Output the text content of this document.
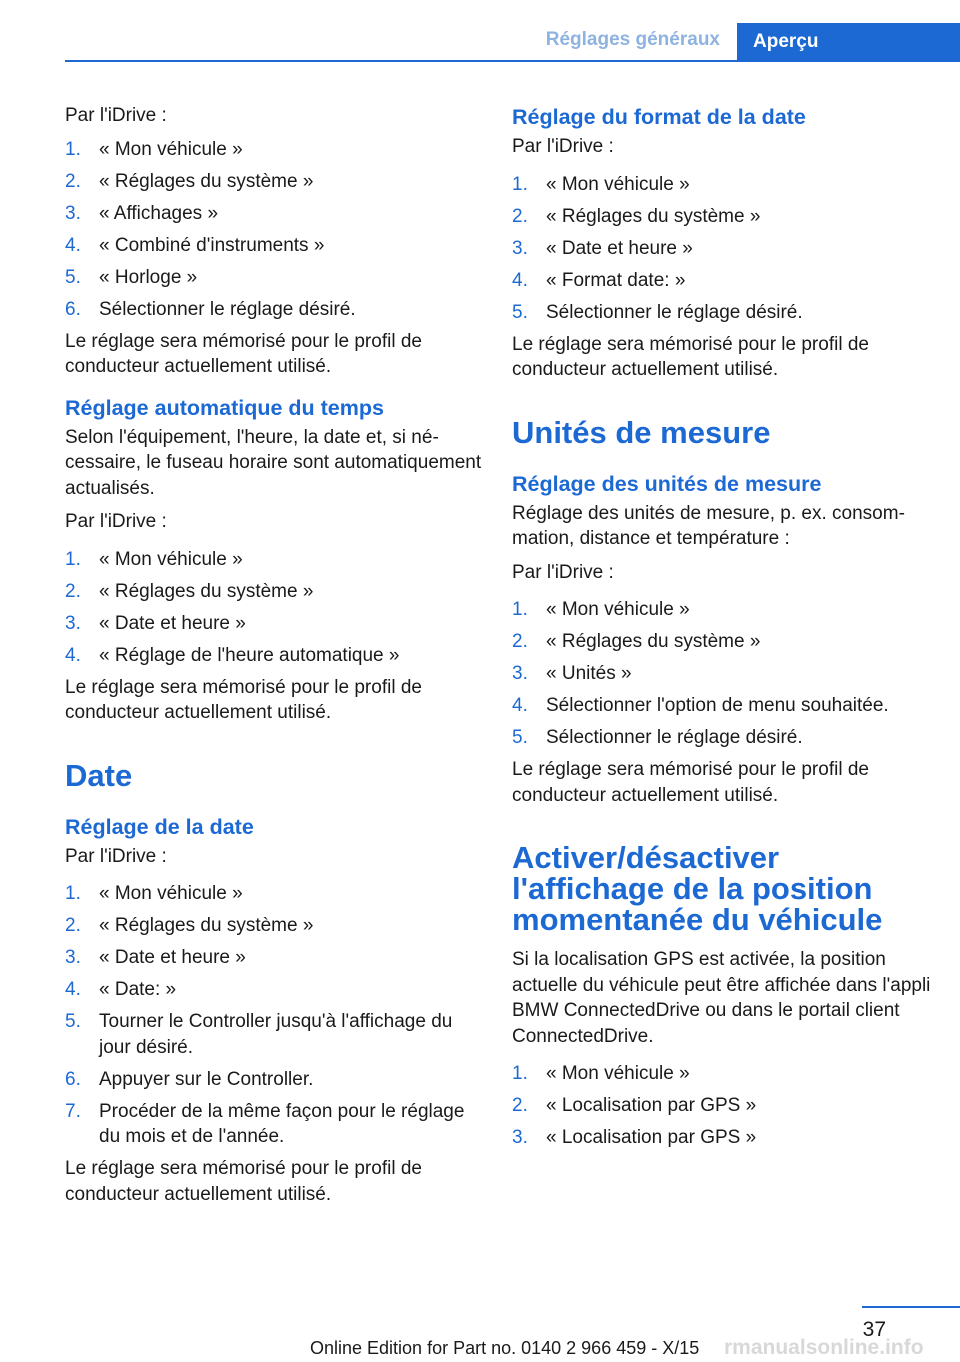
Réglages généraux	Aperçu

Par l'iDrive :

1. « Mon véhicule »
2. « Réglages du système »
3. « Affichages »
4. « Combiné d'instruments »
5. « Horloge »
6. Sélectionner le réglage désiré.

Le réglage sera mémorisé pour le profil de conducteur actuellement utilisé.

Réglage automatique du temps

Selon l'équipement, l'heure, la date et, si nécessaire, le fuseau horaire sont automatiquement actualisés.

Par l'iDrive :

1. « Mon véhicule »
2. « Réglages du système »
3. « Date et heure »
4. « Réglage de l'heure automatique »

Le réglage sera mémorisé pour le profil de conducteur actuellement utilisé.

Date
Réglage de la date

Par l'iDrive :

1. « Mon véhicule »
2. « Réglages du système »
3. « Date et heure »
4. « Date: »
5. Tourner le Controller jusqu'à l'affichage du jour désiré.
6. Appuyer sur le Controller.
7. Procéder de la même façon pour le réglage du mois et de l'année.

Le réglage sera mémorisé pour le profil de conducteur actuellement utilisé.

Réglage du format de la date

Par l'iDrive :

1. « Mon véhicule »
2. « Réglages du système »
3. « Date et heure »
4. « Format date: »
5. Sélectionner le réglage désiré.

Le réglage sera mémorisé pour le profil de conducteur actuellement utilisé.

Unités de mesure
Réglage des unités de mesure

Réglage des unités de mesure, p. ex. consommation, distance et température :

Par l'iDrive :

1. « Mon véhicule »
2. « Réglages du système »
3. « Unités »
4. Sélectionner l'option de menu souhaitée.
5. Sélectionner le réglage désiré.

Le réglage sera mémorisé pour le profil de conducteur actuellement utilisé.

Activer/désactiver l'affichage de la position momentanée du véhicule

Si la localisation GPS est activée, la position actuelle du véhicule peut être affichée dans l'appli BMW ConnectedDrive ou dans le portail client ConnectedDrive.

1. « Mon véhicule »
2. « Localisation par GPS »
3. « Localisation par GPS »
37
Online Edition for Part no. 0140 2 966 459 - X/15 rmanualsonline.info
